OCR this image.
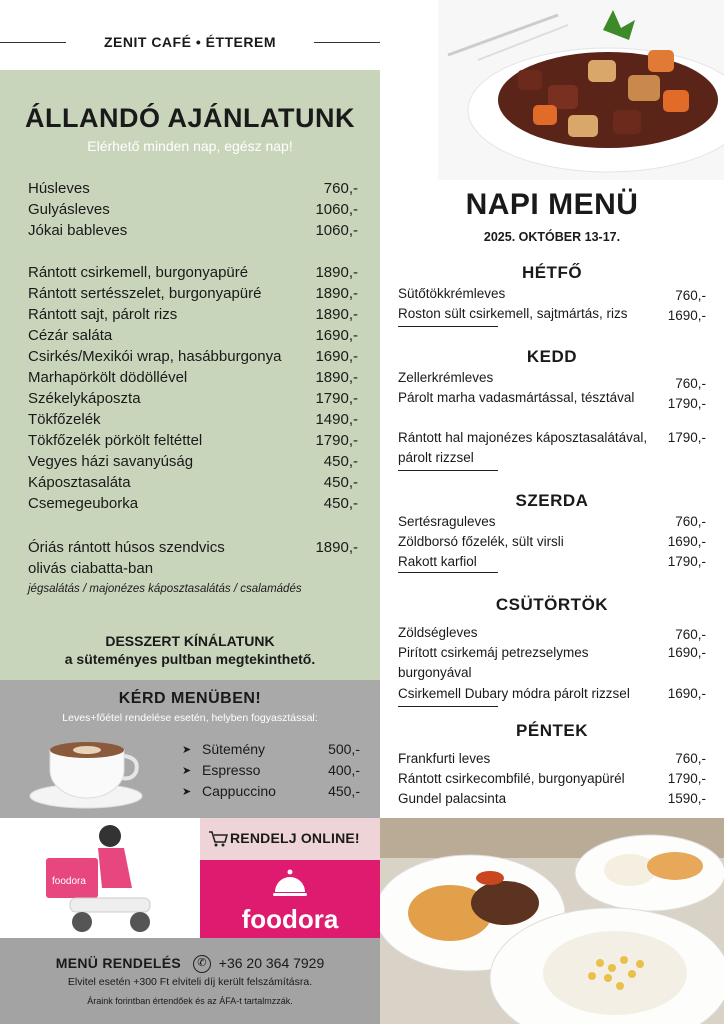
ZENIT CAFÉ • ÉTTEREM
ÁLLANDÓ AJÁNLATUNK
Elérhető minden nap, egész nap!
Óriás rántott húsos szendvics
olivás ciabatta-ban
1890,-
jégsalátás / majonézes káposztasalátás / csalamádés
DESSZERT KÍNÁLATUNK
a süteményes pultban megtekinthető.
Húsleves	760,-
Gulyásleves	1060,-
Jókai bableves	1060,-
Rántott csirkemell, burgonyapüré	1890,-
Rántott sertésszelet, burgonyapüré	1890,-
Rántott sajt, párolt rizs	1890,-
Cézár saláta	1690,-
Csirkés/Mexikói wrap, hasábburgonya 1690,-
Marhapörkölt dödöllével	1890,-
Székelykáposzta	1790,-
Tökfőzelék	1490,-
Tökfőzelék pörkölt feltéttel	1790,-
Vegyes házi savanyúság	450,-
Káposztasaláta	450,-
Csemegeuborka	450,-
KÉRD MENÜBEN!
Leves+főétel rendelése esetén, helyben fogyasztással:
➤ Sütemény	500,-
➤ Espresso	400,-
➤ Cappuccino	450,-
foodora
RENDELJ ONLINE!
foodora
MENÜ RENDELÉS ✆ +36 20 364 7929
Elvitel esetén +300 Ft elviteli díj került felszámításra.
Áraink forintban értendőek és az ÁFA-t tartalmzzák.
NAPI MENÜ
2025. OKTÓBER 13-17.
HÉTFŐ
KEDD
SZERDA
CSÜTÖRTÖK
PÉNTEK
Sütőtökkrémleves	760,-
Roston sült csirkemell, sajtmártás, rizs	1690,-
Zellerkrémleves	760,-
Párolt marha vadasmártással, tésztával	1790,-
Rántott hal majonézes káposztasalátával, párolt rizzsel
1790,-
Sertésraguleves	760,-
Zöldborsó főzelék, sült virsli	1690,-
Rakott karfiol	1790,-
Zöldségleves	760,-
Pirított csirkemáj petrezselymes burgonyával
1690,-
Csirkemell Dubary módra párolt rizzsel	1690,-
Frankfurti leves	760,-
Rántott csirkecombfilé, burgonyapürél	1790,-
Gundel palacsinta	1590,-
